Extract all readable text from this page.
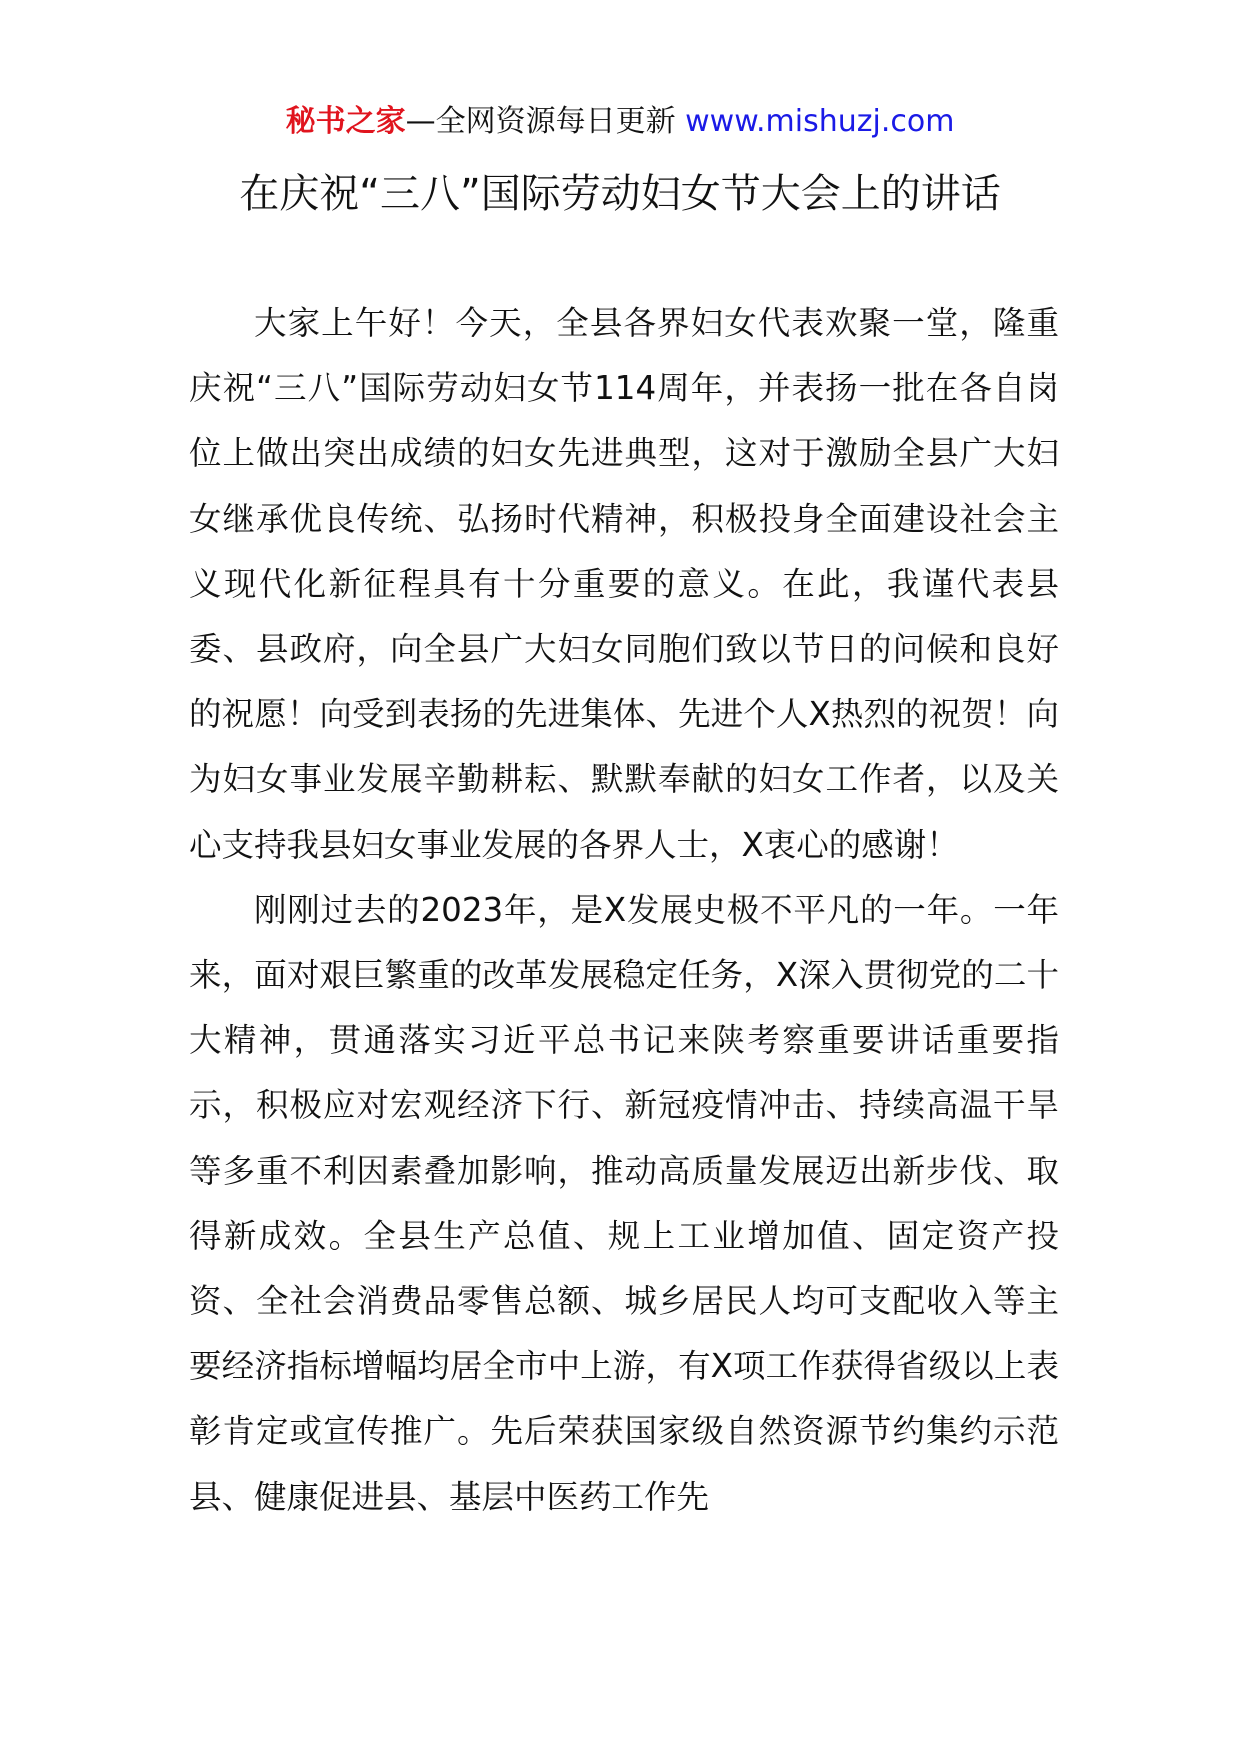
秘书之家—全网资源每日更新 www.mishuzj.com
在庆祝“三八”国际劳动妇女节大会上的讲话

大家上午好！今天，全县各界妇女代表欢聚一堂，隆重庆祝“三八”国际劳动妇女节114周年，并表扬一批在各自岗位上做出突出成绩的妇女先进典型，这对于激励全县广大妇女继承优良传统、弘扬时代精神，积极投身全面建设社会主义现代化新征程具有十分重要的意义。在此，我谨代表县委、县政府，向全县广大妇女同胞们致以节日的问候和良好的祝愿！向受到表扬的先进集体、先进个人X热烈的祝贺！向为妇女事业发展辛勤耕耘、默默奉献的妇女工作者，以及关心支持我县妇女事业发展的各界人士，X衷心的感谢！

刚刚过去的2023年，是X发展史极不平凡的一年。一年来，面对艰巨繁重的改革发展稳定任务，X深入贯彻党的二十大精神，贯通落实习近平总书记来陕考察重要讲话重要指示，积极应对宏观经济下行、新冠疫情冲击、持续高温干旱等多重不利因素叠加影响，推动高质量发展迈出新步伐、取得新成效。全县生产总值、规上工业增加值、固定资产投资、全社会消费品零售总额、城乡居民人均可支配收入等主要经济指标增幅均居全市中上游，有X项工作获得省级以上表彰肯定或宣传推广。先后荣获国家级自然资源节约集约示范县、健康促进县、基层中医药工作先
